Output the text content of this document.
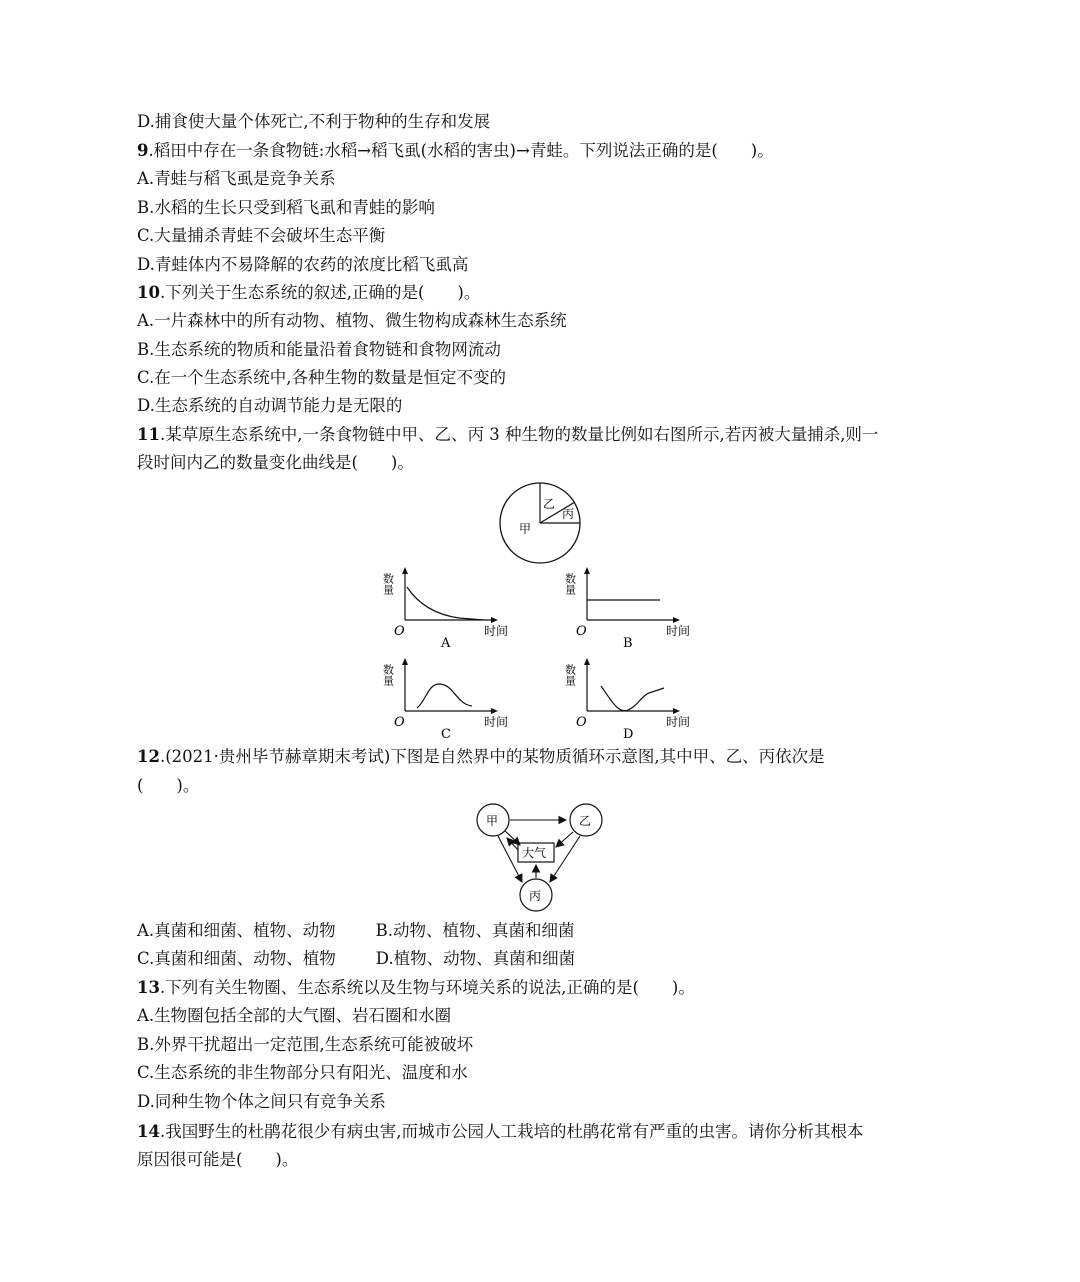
D.捕食使大量个体死亡,不利于物种的生存和发展
9.稻田中存在一条食物链:水稻→稻飞虱(水稻的害虫)→青蛙。下列说法正确的是(　　)。
A.青蛙与稻飞虱是竞争关系
B.水稻的生长只受到稻飞虱和青蛙的影响
C.大量捕杀青蛙不会破坏生态平衡
D.青蛙体内不易降解的农药的浓度比稻飞虱高
10.下列关于生态系统的叙述,正确的是(　　)。
A.一片森林中的所有动物、植物、微生物构成森林生态系统
B.生态系统的物质和能量沿着食物链和食物网流动
C.在一个生态系统中,各种生物的数量是恒定不变的
D.生态系统的自动调节能力是无限的
11.某草原生态系统中,一条食物链中甲、乙、丙 3 种生物的数量比例如右图所示,若丙被大量捕杀,则一
段时间内乙的数量变化曲线是(　　)。
乙
丙
甲
数量
O	时间
A
数量
O	时间
B
数量
O	时间
C
数量
O	时间
D
12.(2021·贵州毕节赫章期末考试)下图是自然界中的某物质循环示意图,其中甲、乙、丙依次是
(　　)。
甲	乙
丙
大气
A.真菌和细菌、植物、动物 B.动物、植物、真菌和细菌
C.真菌和细菌、动物、植物 D.植物、动物、真菌和细菌
13.下列有关生物圈、生态系统以及生物与环境关系的说法,正确的是(　　)。
A.生物圈包括全部的大气圈、岩石圈和水圈
B.外界干扰超出一定范围,生态系统可能被破坏
C.生态系统的非生物部分只有阳光、温度和水
D.同种生物个体之间只有竞争关系
14.我国野生的杜鹃花很少有病虫害,而城市公园人工栽培的杜鹃花常有严重的虫害。请你分析其根本
原因很可能是(　　)。
